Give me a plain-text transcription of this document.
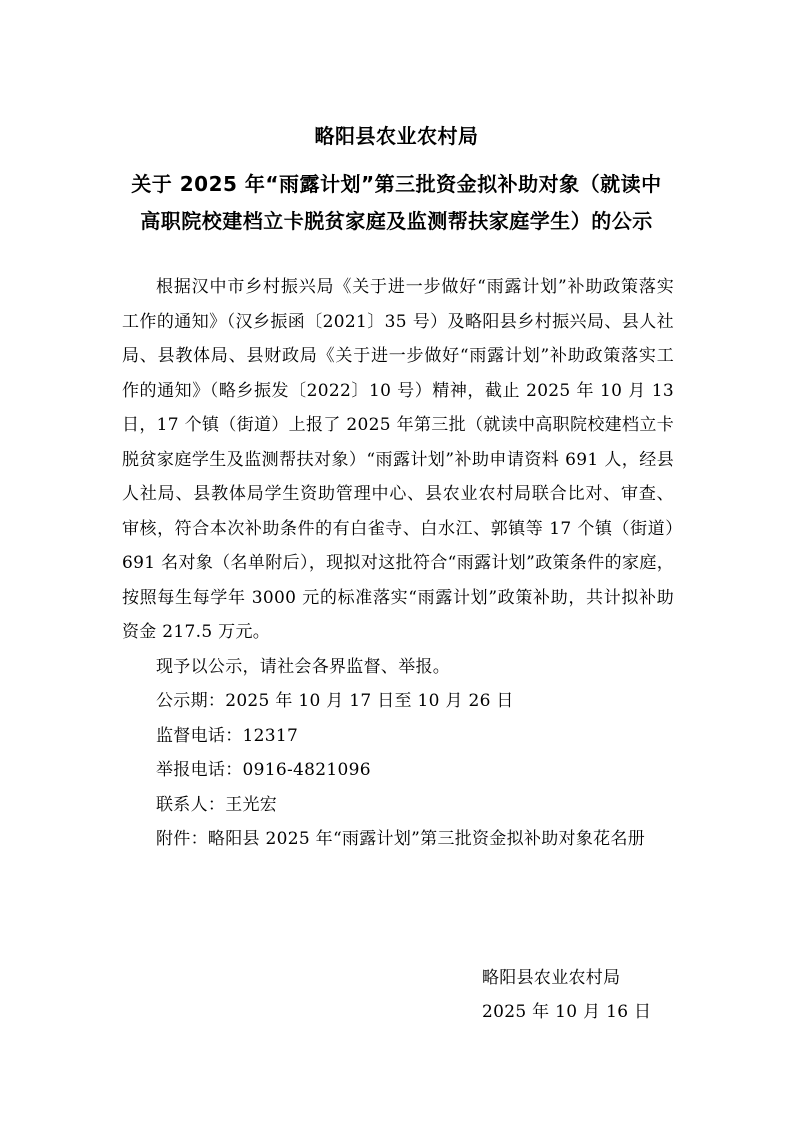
略阳县农业农村局
关于 2025 年“雨露计划”第三批资金拟补助对象（就读中
高职院校建档立卡脱贫家庭及监测帮扶家庭学生）的公示

根据汉中市乡村振兴局《关于进一步做好“雨露计划”补助政策落实工作的通知》（汉乡振函〔2021〕35 号）及略阳县乡村振兴局、县人社局、县教体局、县财政局《关于进一步做好“雨露计划”补助政策落实工作的通知》（略乡振发〔2022〕10 号）精神，截止 2025 年 10 月 13 日，17 个镇（街道）上报了 2025 年第三批（就读中高职院校建档立卡脱贫家庭学生及监测帮扶对象）“雨露计划”补助申请资料 691 人，经县人社局、县教体局学生资助管理中心、县农业农村局联合比对、审查、审核，符合本次补助条件的有白雀寺、白水江、郭镇等 17 个镇（街道）691 名对象（名单附后），现拟对这批符合“雨露计划”政策条件的家庭，按照每生每学年 3000 元的标准落实“雨露计划”政策补助，共计拟补助资金 217.5 万元。

现予以公示，请社会各界监督、举报。

公示期：2025 年 10 月 17 日至 10 月 26 日

监督电话：12317

举报电话：0916-4821096

联系人：王光宏

附件：略阳县 2025 年“雨露计划”第三批资金拟补助对象花名册

略阳县农业农村局
2025 年 10 月 16 日
